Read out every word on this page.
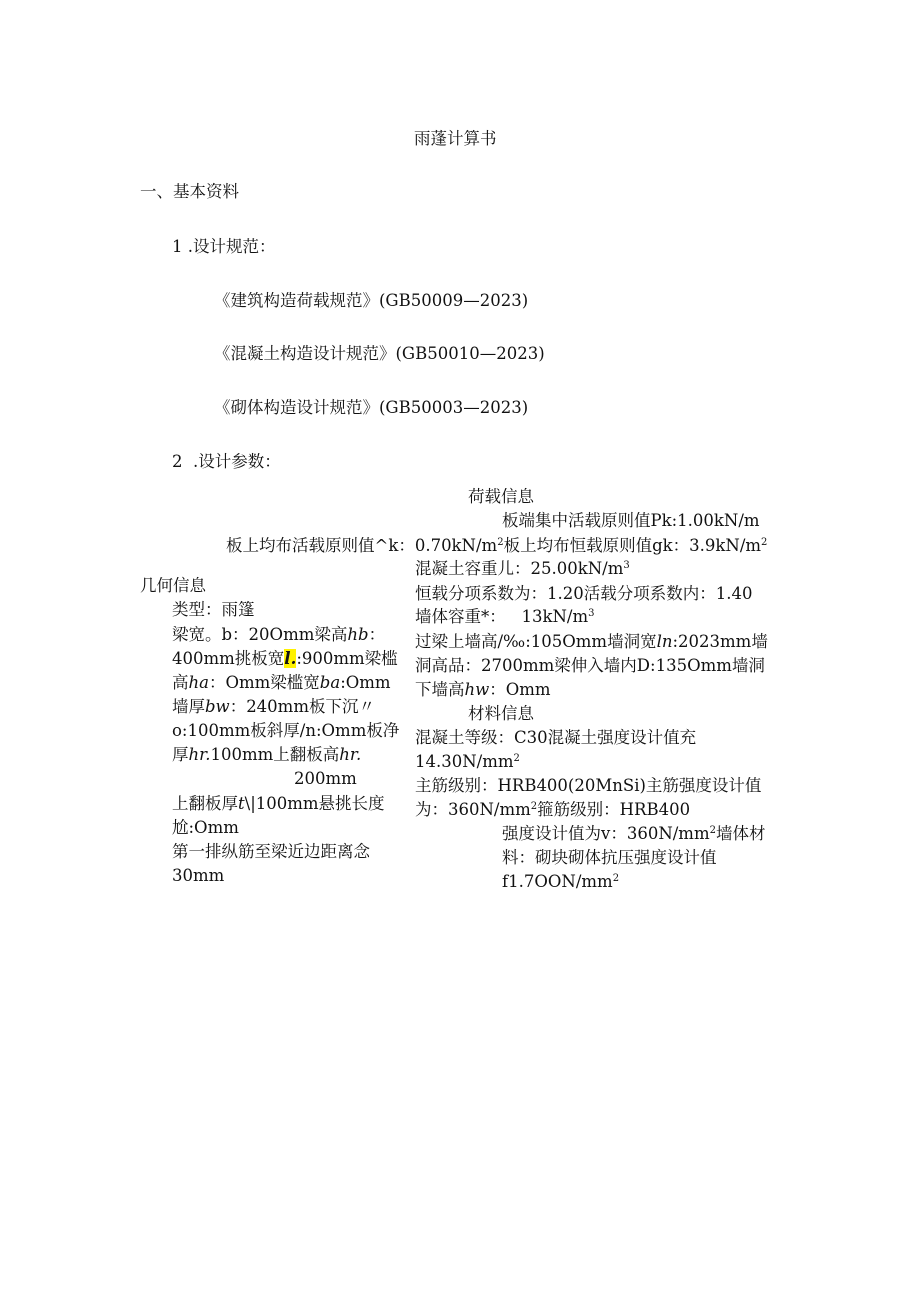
雨蓬计算书
一、基本资料
1 .设计规范：
《建筑构造荷载规范》(GB50009—2023)
《混凝土构造设计规范》(GB50010—2023)
《砌体构造设计规范》(GB50003—2023)
2  .设计参数：
荷载信息
板端集中活载原则值Pk:1.00kN/m
板上均布活载原则值^k：$0.70kN/m^2$板上均布恒载原则值gk：$3.9kN/m^2$
混凝土容重儿：$25.00kN/m^3$
恒载分项系数为：1.20活载分项系数内：1.40
墙体容重*：   $13kN/m^3$
过梁上墙高/‰:105Omm墙洞宽ln:2023mm墙
洞高品：2700mm梁伸入墙内D:135Omm墙洞
下墙高hw：Omm
几何信息
类型：雨篷
梁宽。b：20Omm梁高hb：
400mm挑板宽l.:900mm梁槛
高ha：Omm梁槛宽ba:Omm
墙厚bw：240mm板下沉〃
o:100mm板斜厚/n:Omm板净
厚hr.100mm上翻板高hr.
200mm
上翻板厚t\|100mm悬挑长度
尬:Omm
第一排纵筋至梁近边距离念
30mm
材料信息
混凝土等级：C30混凝土强度设计值充
$14.30N/mm^2$
主筋级别：HRB400(20MnSi)主筋强度设计值
为：$360N/mm^2$箍筋级别：HRB400
强度设计值为v：$360N/mm^2$墙体材
料：砌块砌体抗压强度设计值
$f1.7OON/mm^2$
